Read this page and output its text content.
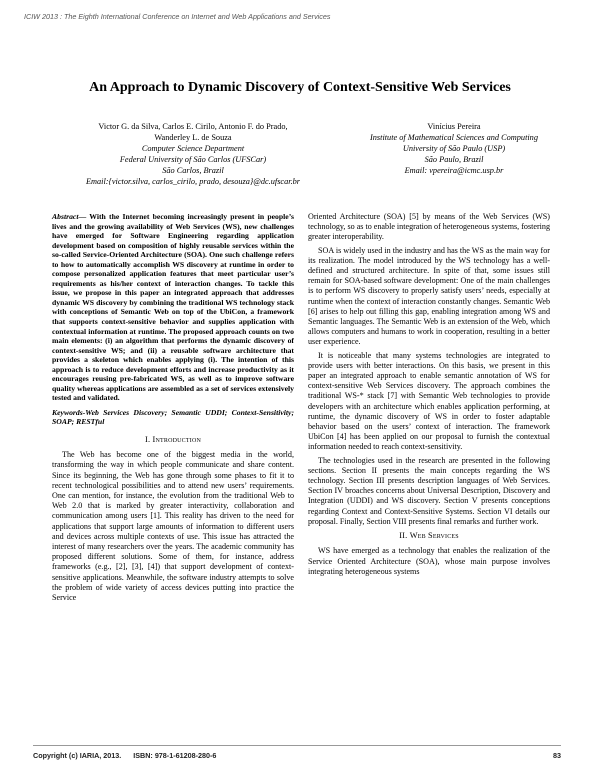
ICIW 2013 : The Eighth International Conference on Internet and Web Applications and Services
An Approach to Dynamic Discovery of Context-Sensitive Web Services
Victor G. da Silva, Carlos E. Cirilo, Antonio F. do Prado,
Wanderley L. de Souza
Computer Science Department
Federal University of São Carlos (UFSCar)
São Carlos, Brazil
Email:{victor.silva, carlos_cirilo, prado, desouza}@dc.ufscar.br
Vinícius Pereira
Institute of Mathematical Sciences and Computing
University of São Paulo (USP)
São Paulo, Brazil
Email: vpereira@icmc.usp.br

Abstract— With the Internet becoming increasingly present in people’s lives and the growing availability of Web Services (WS), new challenges have emerged for Software Engineering regarding application development based on composition of highly reusable services within the so-called Service-Oriented Architecture (SOA). One such challenge refers to how to automatically accomplish WS discovery at runtime in order to compose personalized application features that meet particular user’s requirements as his/her context of interaction changes. To tackle this issue, we propose in this paper an integrated approach that addresses dynamic WS discovery by combining the traditional WS technology stack with conceptions of Semantic Web on top of the UbiCon, a framework that supports context-sensitive behavior and supplies application with contextual information at runtime. The proposed approach counts on two main elements: (i) an algorithm that performs the dynamic discovery of context-sensitive WS; and (ii) a reusable software architecture that provides a skeleton which enables applying (i). The intention of this approach is to reduce development efforts and increase productivity as it encourages reusing pre-fabricated WS, as well as to improve software quality whereas applications are assembled as a set of services extensively tested and validated.

Keywords-Web Services Discovery; Semantic UDDI; Context-Sensitivity; SOAP; RESTful

I. Introduction

The Web has become one of the biggest media in the world, transforming the way in which people communicate and share content. Since its beginning, the Web has gone through some phases to fit it to recent technological possibilities and to attend new users’ requirements. One can mention, for instance, the evolution from the traditional Web to Web 2.0 that is marked by greater interactivity, collaboration and communication among users [1]. This reality has driven to the need for applications that support large amounts of information to different users and devices across multiple contexts of use. This issue has attracted the interest of many researchers over the years. The academic community has proposed different solutions. Some of them, for instance, address frameworks (e.g., [2], [3], [4]) that support development of context-sensitive applications. Meanwhile, the software industry attempts to solve the problem of wide variety of access devices putting into practice the Service

Oriented Architecture (SOA) [5] by means of the Web Services (WS) technology, so as to enable integration of heterogeneous systems, fostering greater interoperability.

SOA is widely used in the industry and has the WS as the main way for its realization. The model introduced by the WS technology has a well-defined and structured architecture. In spite of that, some issues still remain for SOA-based software development: One of the main challenges is to perform WS discovery to properly satisfy users’ needs, especially at runtime when the context of interaction constantly changes. Semantic Web [6] arises to help out filling this gap, enabling integration among WS and Semantic languages. The Semantic Web is an extension of the Web, which allows computers and humans to work in cooperation, resulting in a better user experience.

It is noticeable that many systems technologies are integrated to provide users with better interactions. On this basis, we present in this paper an integrated approach to enable semantic annotation of WS for context-sensitive Web Services discovery. The approach combines the traditional WS-* stack [7] with Semantic Web technologies to provide developers with an architecture which enables application performing, at runtime, the dynamic discovery of WS in order to foster adaptable behavior based on the users’ context of interaction. The framework UbiCon [4] has been applied on our proposal to furnish the contextual information needed to reach context-sensitivity.

The technologies used in the research are presented in the following sections. Section II presents the main concepts regarding the WS technology. Section III presents description languages of Web Services. Section IV broaches concerns about Universal Description, Discovery and Integration (UDDI) and WS discovery. Section V presents conceptions regarding Context and Context-Sensitive Systems. Section VI details our proposal. Finally, Section VIII presents final remarks and further work.

II. Web Services

WS have emerged as a technology that enables the realization of the Service Oriented Architecture (SOA), whose main purpose involves integrating heterogeneous systems

Copyright (c) IARIA, 2013. ISBN: 978-1-61208-280-6	83
